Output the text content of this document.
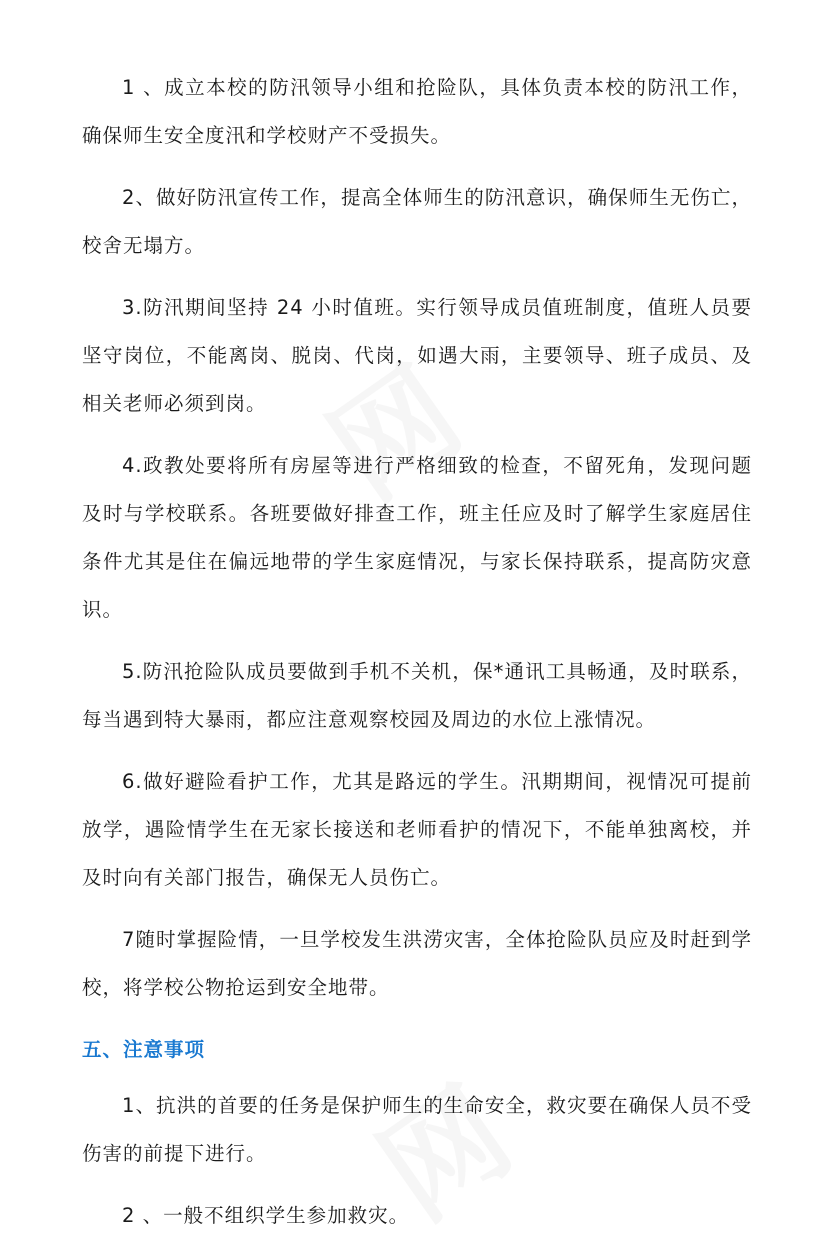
1 、成立本校的防汛领导小组和抢险队，具体负责本校的防汛工作，确保师生安全度汛和学校财产不受损失。

2、做好防汛宣传工作，提高全体师生的防汛意识，确保师生无伤亡，校舍无塌方。

3.防汛期间坚持 24 小时值班。实行领导成员值班制度，值班人员要坚守岗位，不能离岗、脱岗、代岗，如遇大雨，主要领导、班子成员、及相关老师必须到岗。

4.政教处要将所有房屋等进行严格细致的检查，不留死角，发现问题及时与学校联系。各班要做好排查工作，班主任应及时了解学生家庭居住条件尤其是住在偏远地带的学生家庭情况，与家长保持联系，提高防灾意识。

5.防汛抢险队成员要做到手机不关机，保*通讯工具畅通，及时联系，每当遇到特大暴雨，都应注意观察校园及周边的水位上涨情况。

6.做好避险看护工作，尤其是路远的学生。汛期期间，视情况可提前放学，遇险情学生在无家长接送和老师看护的情况下，不能单独离校，并及时向有关部门报告，确保无人员伤亡。

7随时掌握险情，一旦学校发生洪涝灾害，全体抢险队员应及时赶到学校，将学校公物抢运到安全地带。

五、注意事项

1、抗洪的首要的任务是保护师生的生命安全，救灾要在确保人员不受伤害的前提下进行。

2 、一般不组织学生参加救灾。
